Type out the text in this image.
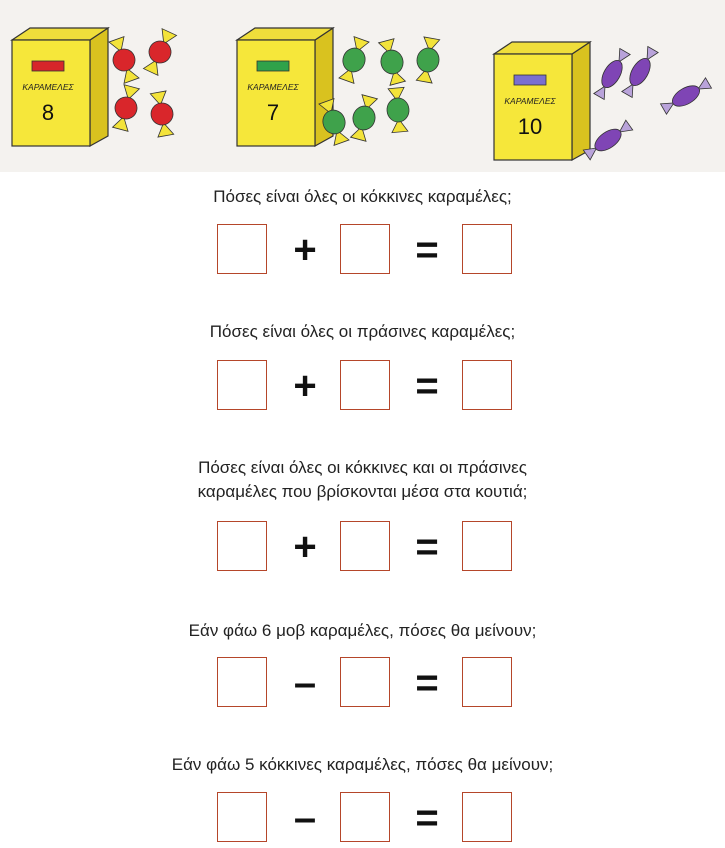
ΚΑΡΑΜΕΛΕΣ
8
ΚΑΡΑΜΕΛΕΣ
7	ΚΑΡΑΜΕΛΕΣ
10
Πόσες είναι όλες οι κόκκινες καραμέλες;
+ =
Πόσες είναι όλες οι πράσινες καραμέλες;
+ =
Πόσες είναι όλες οι κόκκινες και οι πράσινες
καραμέλες που βρίσκονται μέσα στα κουτιά;
+ =
Εάν φάω 6 μοβ καραμέλες, πόσες θα μείνουν;
– =
Εάν φάω 5 κόκκινες καραμέλες, πόσες θα μείνουν;
– =
